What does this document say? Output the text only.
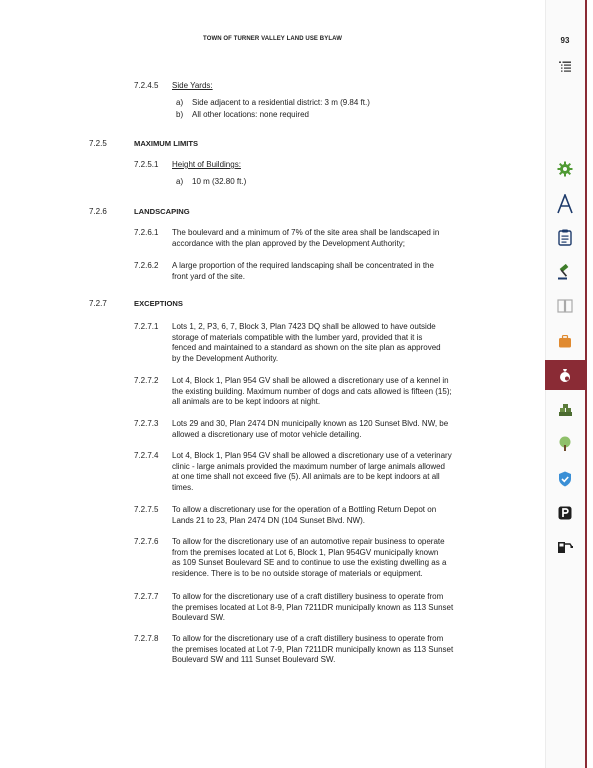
TOWN OF TURNER VALLEY LAND USE BYLAW
7.2.4.5 Side Yards:
a) Side adjacent to a residential district: 3 m (9.84 ft.)
b) All other locations: none required
7.2.5	MAXIMUM LIMITS
7.2.5.1 Height of Buildings:
a) 10 m (32.80 ft.)
7.2.6	LANDSCAPING
7.2.6.1 The boulevard and a minimum of 7% of the site area shall be landscaped in
accordance with the plan approved by the Development Authority;
7.2.6.2 A large proportion of the required landscaping shall be concentrated in the
front yard of the site.
7.2.7	EXCEPTIONS
7.2.7.1 Lots 1, 2, P3, 6, 7, Block 3, Plan 7423 DQ shall be allowed to have outside
storage of materials compatible with the lumber yard, provided that it is
fenced and maintained to a standard as shown on the site plan as approved
by the Development Authority.
7.2.7.2 Lot 4, Block 1, Plan 954 GV shall be allowed a discretionary use of a kennel in
the existing building. Maximum number of dogs and cats allowed is fifteen (15);
all animals are to be kept indoors at night.
7.2.7.3 Lots 29 and 30, Plan 2474 DN municipally known as 120 Sunset Blvd. NW, be
allowed a discretionary use of motor vehicle detailing.
7.2.7.4 Lot 4, Block 1, Plan 954 GV shall be allowed a discretionary use of a veterinary
clinic - large animals provided the maximum number of large animals allowed
at one time shall not exceed five (5). All animals are to be kept indoors at all
times.
7.2.7.5 To allow a discretionary use for the operation of a Bottling Return Depot on
Lands 21 to 23, Plan 2474 DN (104 Sunset Blvd. NW).
7.2.7.6 To allow for the discretionary use of an automotive repair business to operate
from the premises located at Lot 6, Block 1, Plan 954GV municipally known
as 109 Sunset Boulevard SE and to continue to use the existing dwelling as a
residence. There is to be no outside storage of materials or equipment.
7.2.7.7 To allow for the discretionary use of a craft distillery business to operate from
the premises located at Lot 8-9, Plan 7211DR municipally known as 113 Sunset
Boulevard SW.
7.2.7.8 To allow for the discretionary use of a craft distillery business to operate from
the premises located at Lot 7-9, Plan 7211DR municipally known as 113 Sunset
Boulevard SW and 111 Sunset Boulevard SW.
93
